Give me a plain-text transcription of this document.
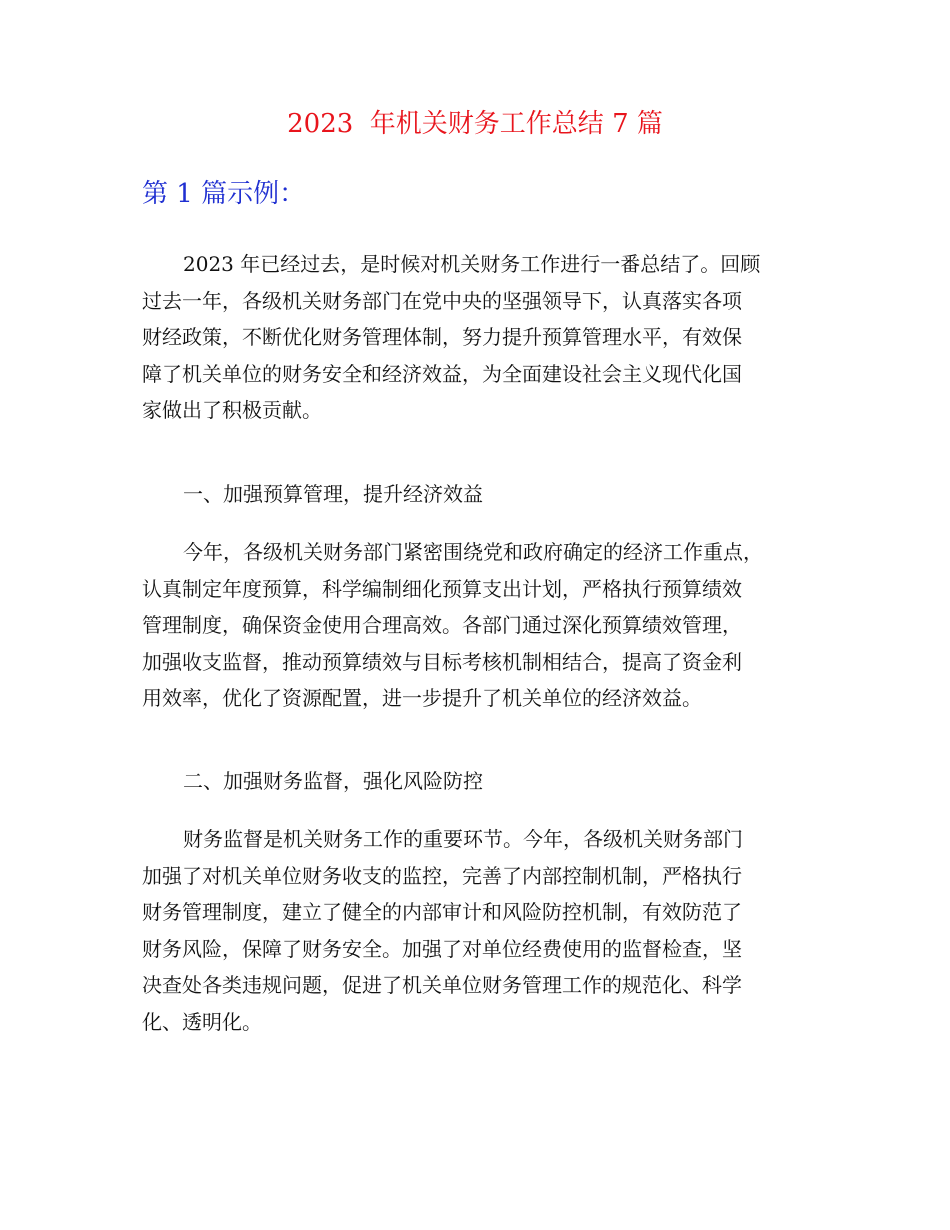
2023  年机关财务工作总结 7 篇
第 1 篇示例：

2023 年已经过去，是时候对机关财务工作进行一番总结了。回顾
过去一年，各级机关财务部门在党中央的坚强领导下，认真落实各项
财经政策，不断优化财务管理体制，努力提升预算管理水平，有效保
障了机关单位的财务安全和经济效益，为全面建设社会主义现代化国
家做出了积极贡献。

一、加强预算管理，提升经济效益

今年，各级机关财务部门紧密围绕党和政府确定的经济工作重点，
认真制定年度预算，科学编制细化预算支出计划，严格执行预算绩效
管理制度，确保资金使用合理高效。各部门通过深化预算绩效管理，
加强收支监督，推动预算绩效与目标考核机制相结合，提高了资金利
用效率，优化了资源配置，进一步提升了机关单位的经济效益。

二、加强财务监督，强化风险防控

财务监督是机关财务工作的重要环节。今年，各级机关财务部门
加强了对机关单位财务收支的监控，完善了内部控制机制，严格执行
财务管理制度，建立了健全的内部审计和风险防控机制，有效防范了
财务风险，保障了财务安全。加强了对单位经费使用的监督检查，坚
决查处各类违规问题，促进了机关单位财务管理工作的规范化、科学
化、透明化。
